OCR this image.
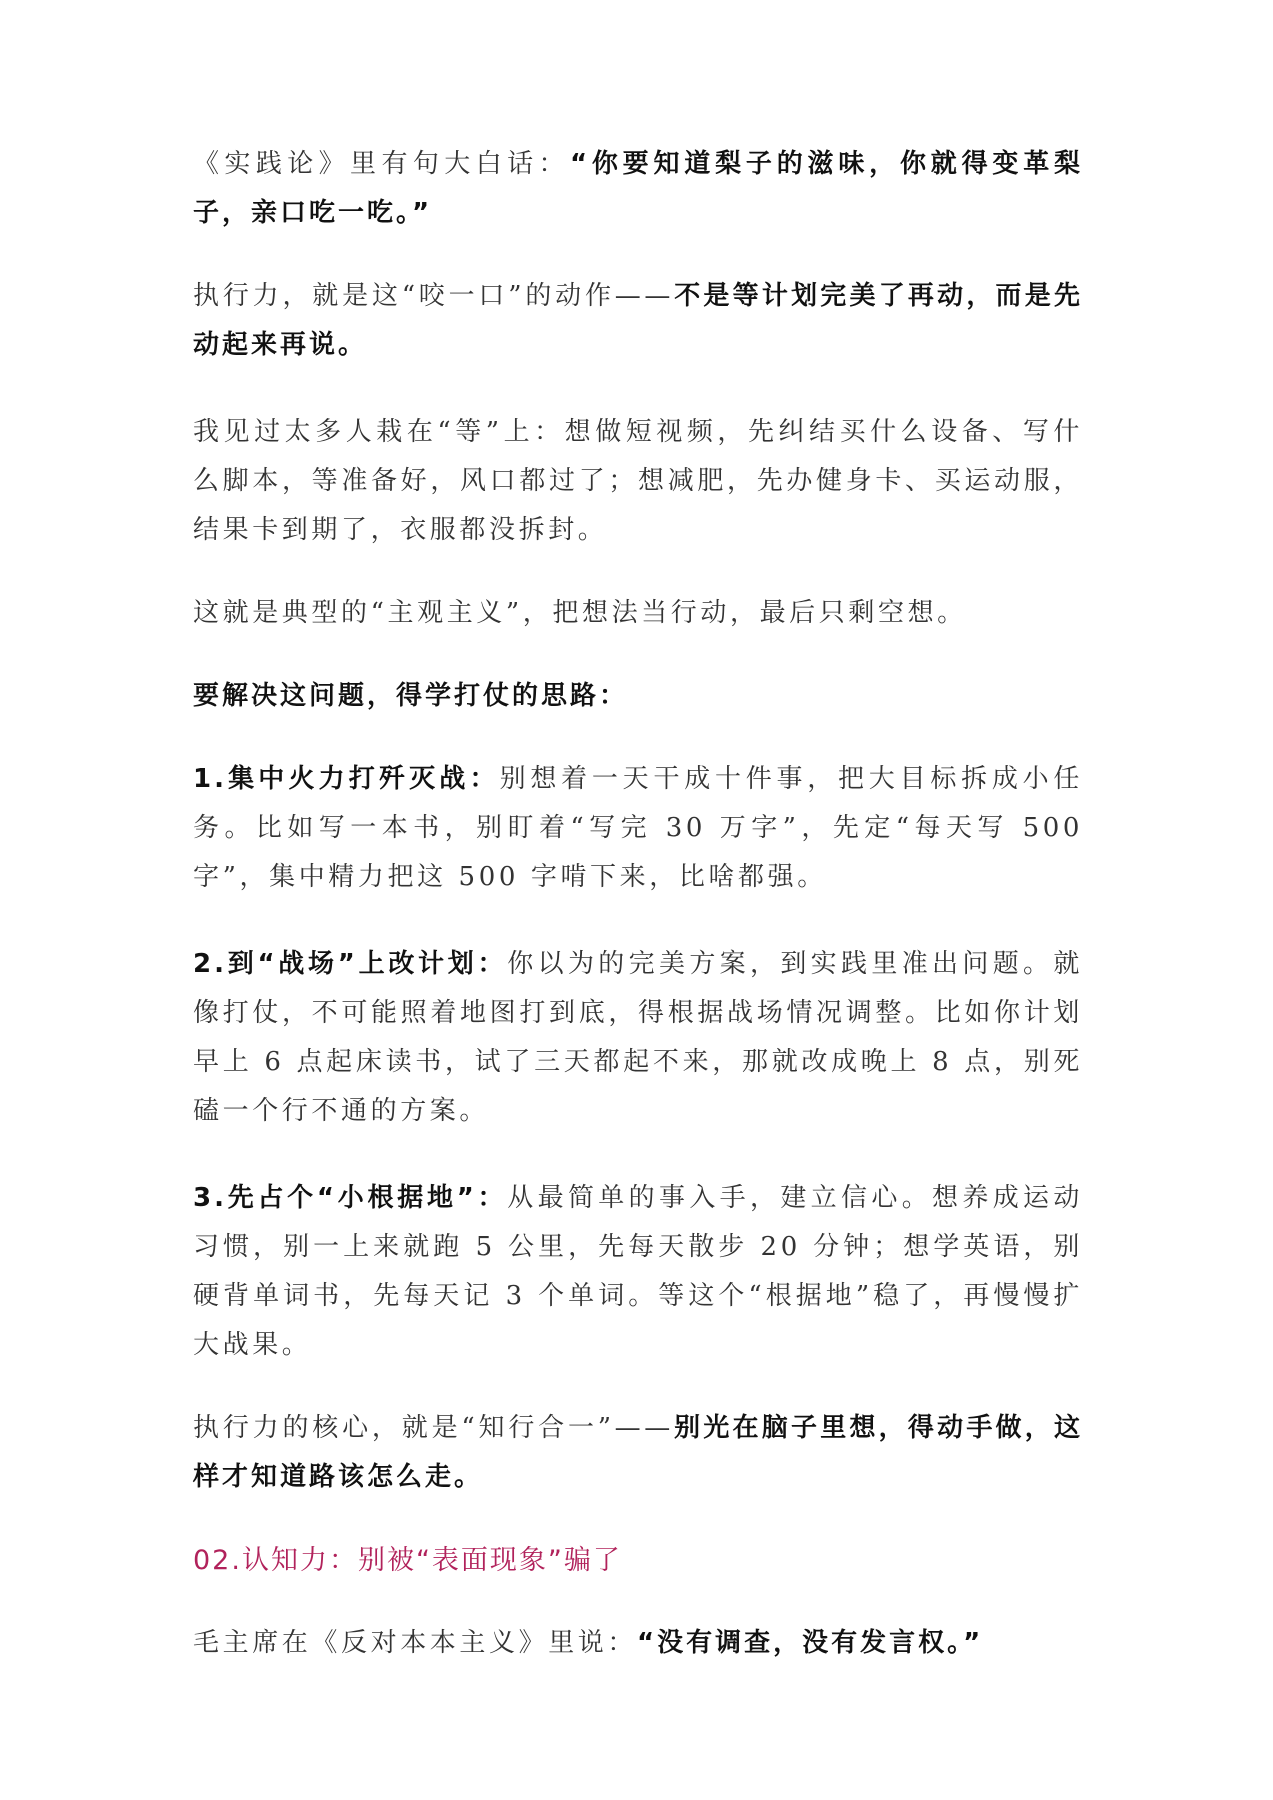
《实践论》里有句大白话：“你要知道梨子的滋味，你就得变革梨子，亲口吃一吃。”

执行力，就是这“咬一口”的动作——不是等计划完美了再动，而是先动起来再说。

我见过太多人栽在“等”上：想做短视频，先纠结买什么设备、写什么脚本，等准备好，风口都过了；想减肥，先办健身卡、买运动服，结果卡到期了，衣服都没拆封。

这就是典型的“主观主义”，把想法当行动，最后只剩空想。

要解决这问题，得学打仗的思路：

1.集中火力打歼灭战：别想着一天干成十件事，把大目标拆成小任务。比如写一本书，别盯着“写完 30 万字”，先定“每天写 500 字”，集中精力把这 500 字啃下来，比啥都强。

2.到“战场”上改计划：你以为的完美方案，到实践里准出问题。就像打仗，不可能照着地图打到底，得根据战场情况调整。比如你计划早上 6 点起床读书，试了三天都起不来，那就改成晚上 8 点，别死磕一个行不通的方案。

3.先占个“小根据地”：从最简单的事入手，建立信心。想养成运动习惯，别一上来就跑 5 公里，先每天散步 20 分钟；想学英语，别硬背单词书，先每天记 3 个单词。等这个“根据地”稳了，再慢慢扩大战果。

执行力的核心，就是“知行合一”——别光在脑子里想，得动手做，这样才知道路该怎么走。

02.认知力：别被“表面现象”骗了

毛主席在《反对本本主义》里说：“没有调查，没有发言权。”
